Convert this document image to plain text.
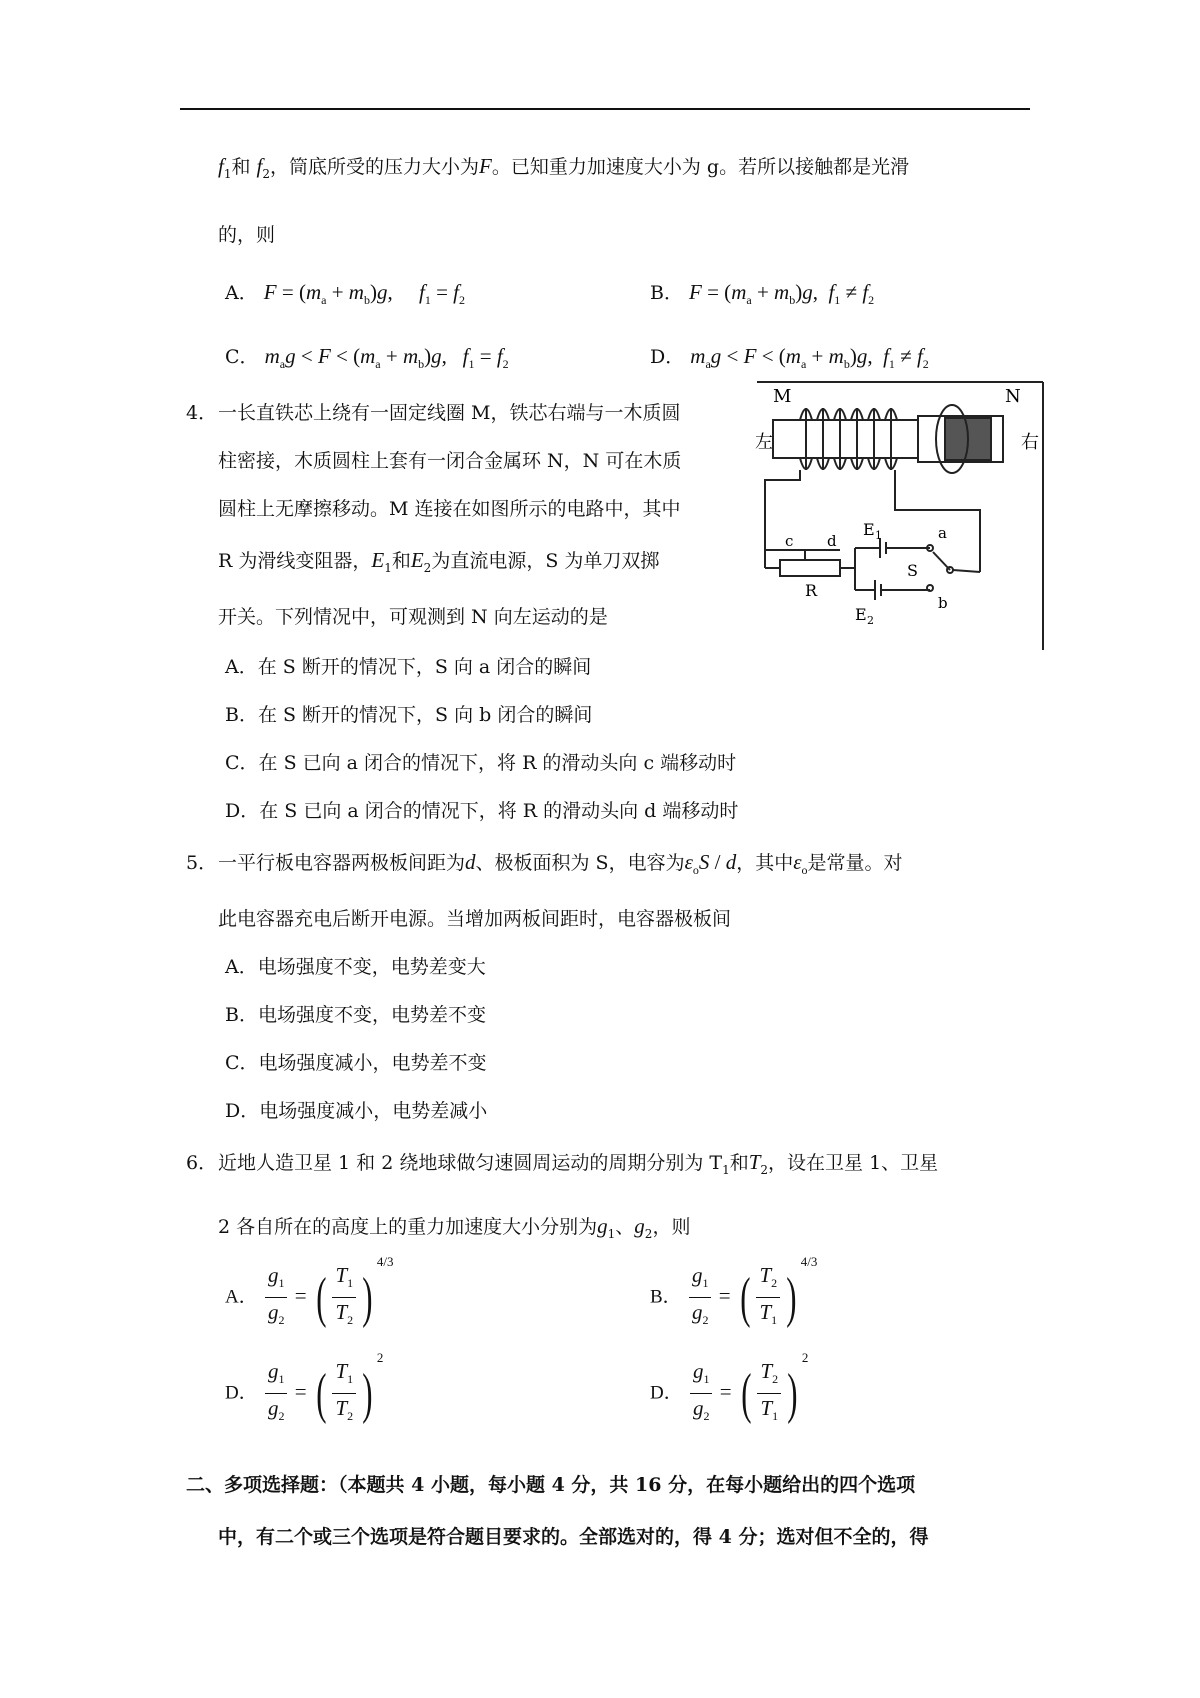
$f_1$和 $f_2$，筒底所受的压力大小为F。已知重力加速度大小为 g。若所以接触都是光滑
的，则
A． $F = (m_a + m_b)g$,     $f_1 = f_2$	B． $F = (m_a + m_b)g$,  $f_1 \ne f_2$
C． $m_ag < F < (m_a + m_b)g$,   $f_1 = f_2$	D． $m_ag < F < (m_a + m_b)g$,  $f_1 \ne f_2$
4． 一长直铁芯上绕有一固定线圈 M，铁芯右端与一木质圆
柱密接，木质圆柱上套有一闭合金属环 N，N 可在木质
圆柱上无摩擦移动。M 连接在如图所示的电路中，其中
R 为滑线变阻器，$E_1$和$E_2$为直流电源，S 为单刀双掷
开关。下列情况中，可观测到 N 向左运动的是
A．在 S 断开的情况下，S 向 a 闭合的瞬间
B．在 S 断开的情况下，S 向 b 闭合的瞬间
C．在 S 已向 a 闭合的情况下，将 R 的滑动头向 c 端移动时
D．在 S 已向 a 闭合的情况下，将 R 的滑动头向 d 端移动时
M	N
左	右
E 1
c d	a
S
R
b
E 2
5． 一平行板电容器两极板间距为d、极板面积为 S，电容为$\varepsilon_oS$ / d，其中$\varepsilon_o$是常量。对
此电容器充电后断开电源。当增加两板间距时，电容器极板间
A．电场强度不变，电势差变大
B．电场强度不变，电势差不变
C．电场强度减小，电势差不变
D．电场强度减小，电势差减小
6． 近地人造卫星 1 和 2 绕地球做匀速圆周运动的周期分别为 $T_1$和$T_2$，设在卫星 1、卫星
2 各自所在的高度上的重力加速度大小分别为$g_1$、$g_2$，则
A． $\frac{g_1}{g_2}$ = ( $\frac{T_1}{T_2} )4/3$
B． $\frac{g_1}{g_2}$ = ( $\frac{T_2}{T_1} )4/3$
D． $\frac{g_1}{g_2}$ = ( $\frac{T_1}{T_2} )2$
D． $\frac{g_1}{g_2}$ = ( $\frac{T_2}{T_1} )2$
二、多项选择题：（本题共 4 小题，每小题 4 分，共 16 分，在每小题给出的四个选项
中，有二个或三个选项是符合题目要求的。全部选对的，得 4 分；选对但不全的，得
